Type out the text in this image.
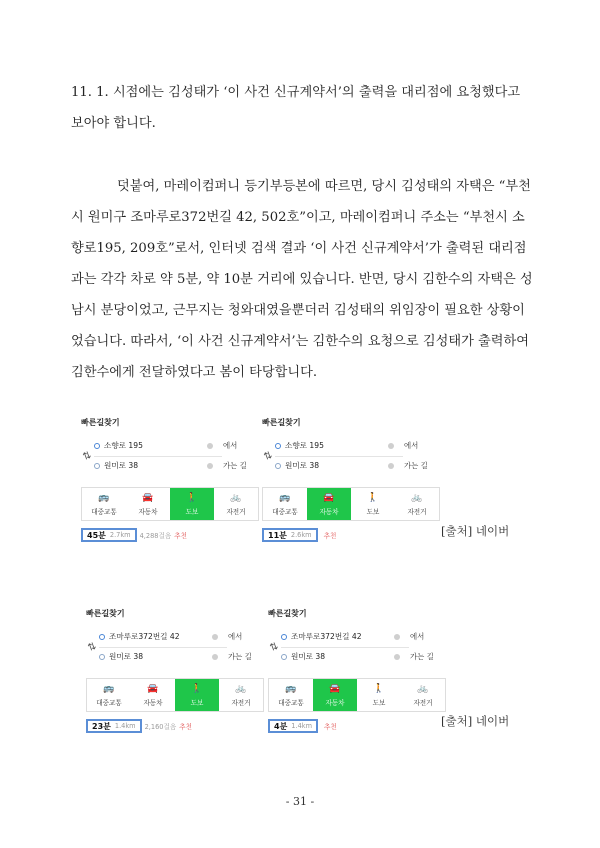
11. 1. 시점에는 김성태가 ‘이 사건 신규계약서’의 출력을 대리점에 요청했다고 보아야 합니다.

덧붙여, 마레이컴퍼니 등기부등본에 따르면, 당시 김성태의 자택은 “부천시 원미구 조마루로372번길 42, 502호”이고, 마레이컴퍼니 주소는 “부천시 소향로195, 209호”로서, 인터넷 검색 결과 ‘이 사건 신규계약서’가 출력된 대리점과는 각각 차로 약 5분, 약 10분 거리에 있습니다. 반면, 당시 김한수의 자택은 성남시 분당이었고, 근무지는 청와대였을뿐더러 김성태의 위임장이 필요한 상황이었습니다. 따라서, ‘이 사건 신규계약서’는 김한수의 요청으로 김성태가 출력하여 김한수에게 전달하였다고 봄이 타당합니다.

빠른길찾기
⇅
소향로 195
원미로 38
에서
가는 길
🚌
대중교통
🚘
자동차
🚶
도보
🚲
자전거
45분 2.7km 4,288걸음 추천
빠른길찾기
⇅
소향로 195
원미로 38
에서
가는 길
🚌
대중교통
🚘
자동차
🚶
도보
🚲
자전거
11분 2.6km 추천
빠른길찾기
⇅
조마루로372번길 42
원미로 38
에서
가는 길
🚌
대중교통
🚘
자동차
🚶
도보
🚲
자전거
23분 1.4km 2,160걸음 추천
빠른길찾기
⇅
조마루로372번길 42
원미로 38
에서
가는 길
🚌
대중교통
🚘
자동차
🚶
도보
🚲
자전거
4분 1.4km 추천
[출처] 네이버
[출처] 네이버
- 31 -
